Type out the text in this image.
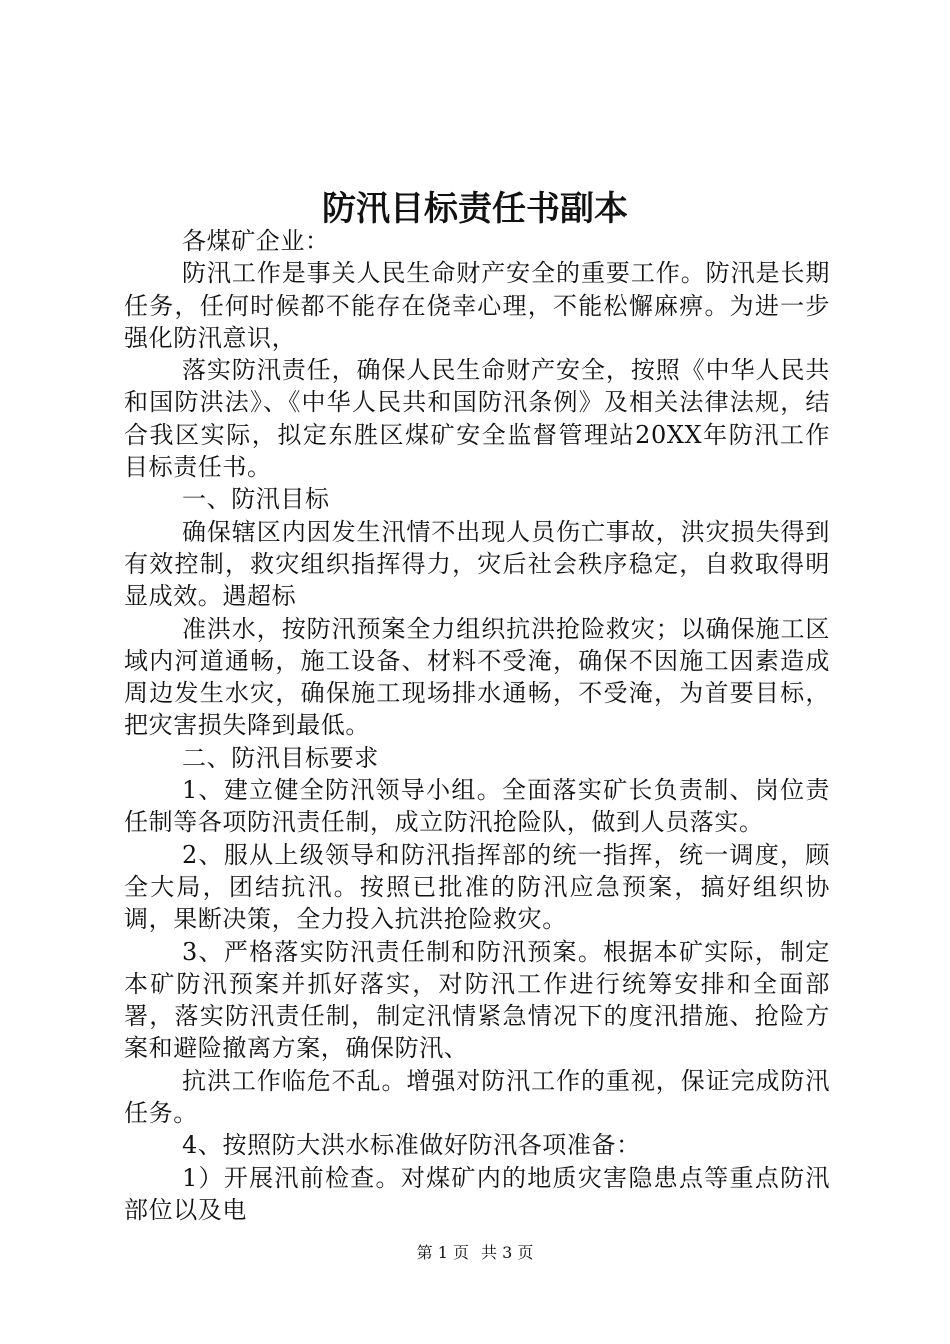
防汛目标责任书副本

各煤矿企业：

防汛工作是事关人民生命财产安全的重要工作。防汛是长期任务，任何时候都不能存在侥幸心理，不能松懈麻痹。为进一步强化防汛意识，

落实防汛责任，确保人民生命财产安全，按照《中华人民共和国防洪法》、《中华人民共和国防汛条例》及相关法律法规，结合我区实际，拟定东胜区煤矿安全监督管理站20XX年防汛工作目标责任书。

一、防汛目标

确保辖区内因发生汛情不出现人员伤亡事故，洪灾损失得到有效控制，救灾组织指挥得力，灾后社会秩序稳定，自救取得明显成效。遇超标

准洪水，按防汛预案全力组织抗洪抢险救灾；以确保施工区域内河道通畅，施工设备、材料不受淹，确保不因施工因素造成周边发生水灾，确保施工现场排水通畅，不受淹，为首要目标，把灾害损失降到最低。

二、防汛目标要求

1、建立健全防汛领导小组。全面落实矿长负责制、岗位责任制等各项防汛责任制，成立防汛抢险队，做到人员落实。

2、服从上级领导和防汛指挥部的统一指挥，统一调度，顾全大局，团结抗汛。按照已批准的防汛应急预案，搞好组织协调，果断决策，全力投入抗洪抢险救灾。

3、严格落实防汛责任制和防汛预案。根据本矿实际，制定本矿防汛预案并抓好落实，对防汛工作进行统筹安排和全面部署，落实防汛责任制，制定汛情紧急情况下的度汛措施、抢险方案和避险撤离方案，确保防汛、

抗洪工作临危不乱。增强对防汛工作的重视，保证完成防汛任务。

4、按照防大洪水标准做好防汛各项准备：

1）开展汛前检查。对煤矿内的地质灾害隐患点等重点防汛部位以及电

第 1 页 共 3 页
